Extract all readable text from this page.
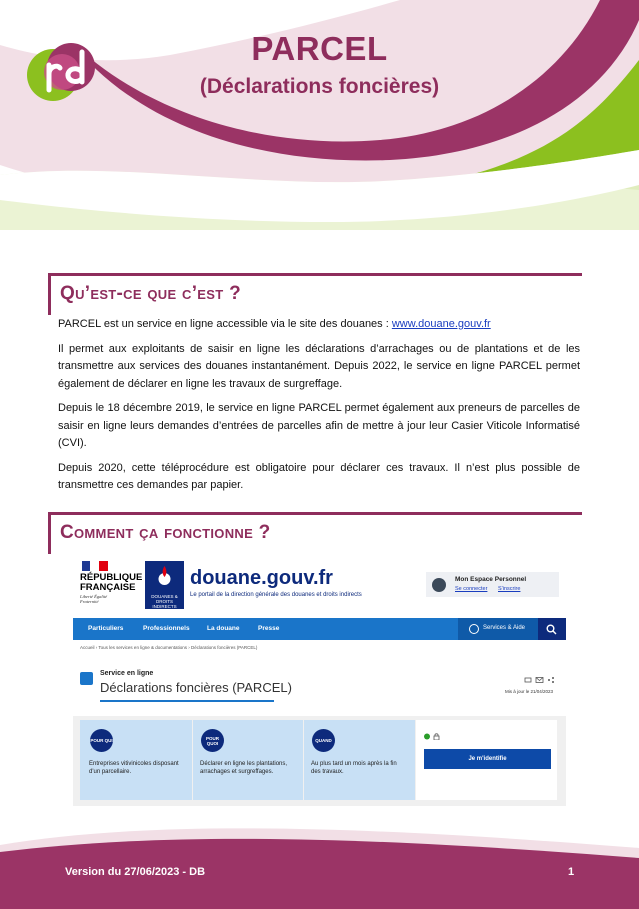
PARCEL
(Déclarations foncières)
Qu’est-ce que c’est ?

PARCEL est un service en ligne accessible via le site des douanes : www.douane.gouv.fr

Il permet aux exploitants de saisir en ligne les déclarations d’arrachages ou de plantations et de les transmettre aux services des douanes instantanément. Depuis 2022, le service en ligne PARCEL permet également de déclarer en ligne les travaux de surgreffage.

Depuis le 18 décembre 2019, le service en ligne PARCEL permet également aux preneurs de parcelles de saisir en ligne leurs demandes d’entrées de parcelles afin de mettre à jour leur Casier Viticole Informatisé (CVI).

Depuis 2020, cette téléprocédure est obligatoire pour déclarer ces travaux. Il n’est plus possible de transmettre ces demandes par papier.

Comment ça fonctionne ?
RÉPUBLIQUE
FRANÇAISE
Liberté Égalité Fraternité
DOUANES & DROITS INDIRECTS
douane.gouv.fr
Le portail de la direction générale des douanes et droits indirects
Mon Espace Personnel
Se connecter S'inscrire
Particuliers	Professionnels	La douane	Presse	Services & Aide
Accueil › Tous les services en ligne & documentations › Déclarations foncières (PARCEL)
Service en ligne
Déclarations foncières (PARCEL)	Mis à jour le 21/04/2023
POUR QUI
Entreprises vitivinicoles disposant d'un parcellaire.
POUR QUOI
Déclarer en ligne les plantations, arrachages et surgreffages.
QUAND
Au plus tard un mois après la fin des travaux.
Je m'identifie
Version du 27/06/2023 - DB	1
